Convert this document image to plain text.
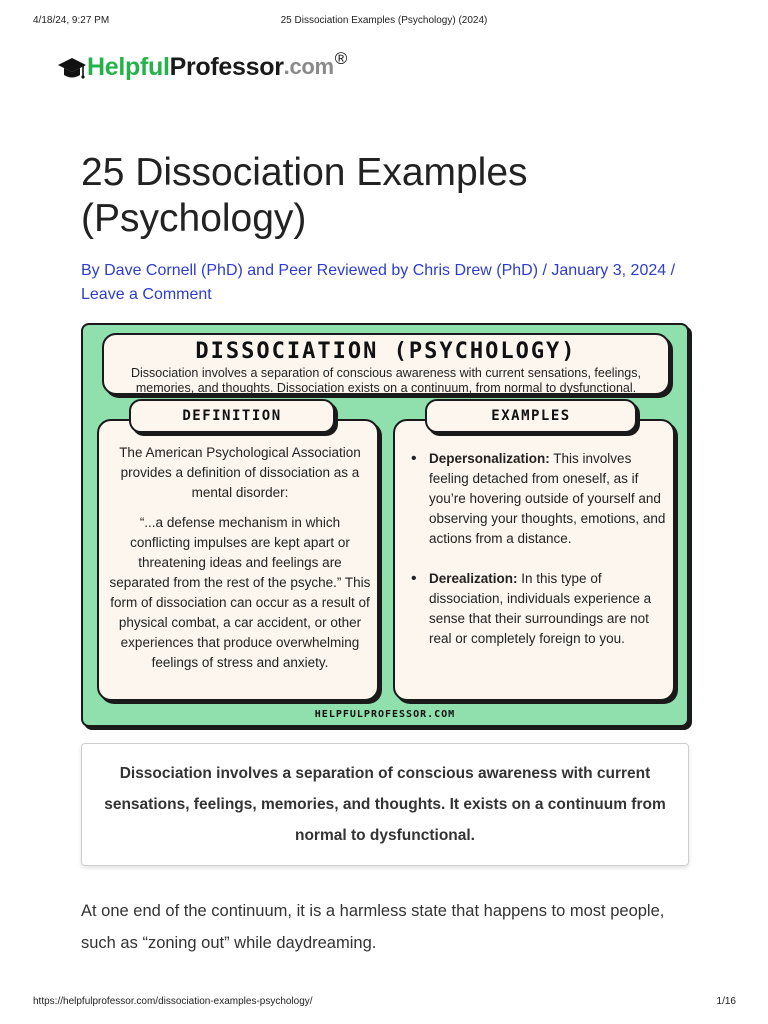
4/18/24, 9:27 PM	25 Dissociation Examples (Psychology) (2024)
Helpful Professor .com ®
25 Dissociation Examples (Psychology)
By Dave Cornell (PhD) and Peer Reviewed by Chris Drew (PhD) / January 3, 2024 / Leave a Comment
DISSOCIATION (PSYCHOLOGY)
Dissociation involves a separation of conscious awareness with current sensations, feelings, memories, and thoughts. Dissociation exists on a continuum, from normal to dysfunctional.

The American Psychological Association provides a definition of dissociation as a mental disorder:

“...a defense mechanism in which conflicting impulses are kept apart or threatening ideas and feelings are separated from the rest of the psyche.” This form of dissociation can occur as a result of physical combat, a car accident, or other experiences that produce overwhelming feelings of stress and anxiety.

DEFINITION
• Depersonalization: This involves feeling detached from oneself, as if you’re hovering outside of yourself and observing your thoughts, emotions, and actions from a distance.
• Derealization: In this type of dissociation, individuals experience a sense that their surroundings are not real or completely foreign to you.
EXAMPLES
HELPFULPROFESSOR.COM

Dissociation involves a separation of conscious awareness with current sensations, feelings, memories, and thoughts. It exists on a continuum from normal to dysfunctional.

At one end of the continuum, it is a harmless state that happens to most people, such as “zoning out” while daydreaming.

https://helpfulprofessor.com/dissociation-examples-psychology/	1/16
